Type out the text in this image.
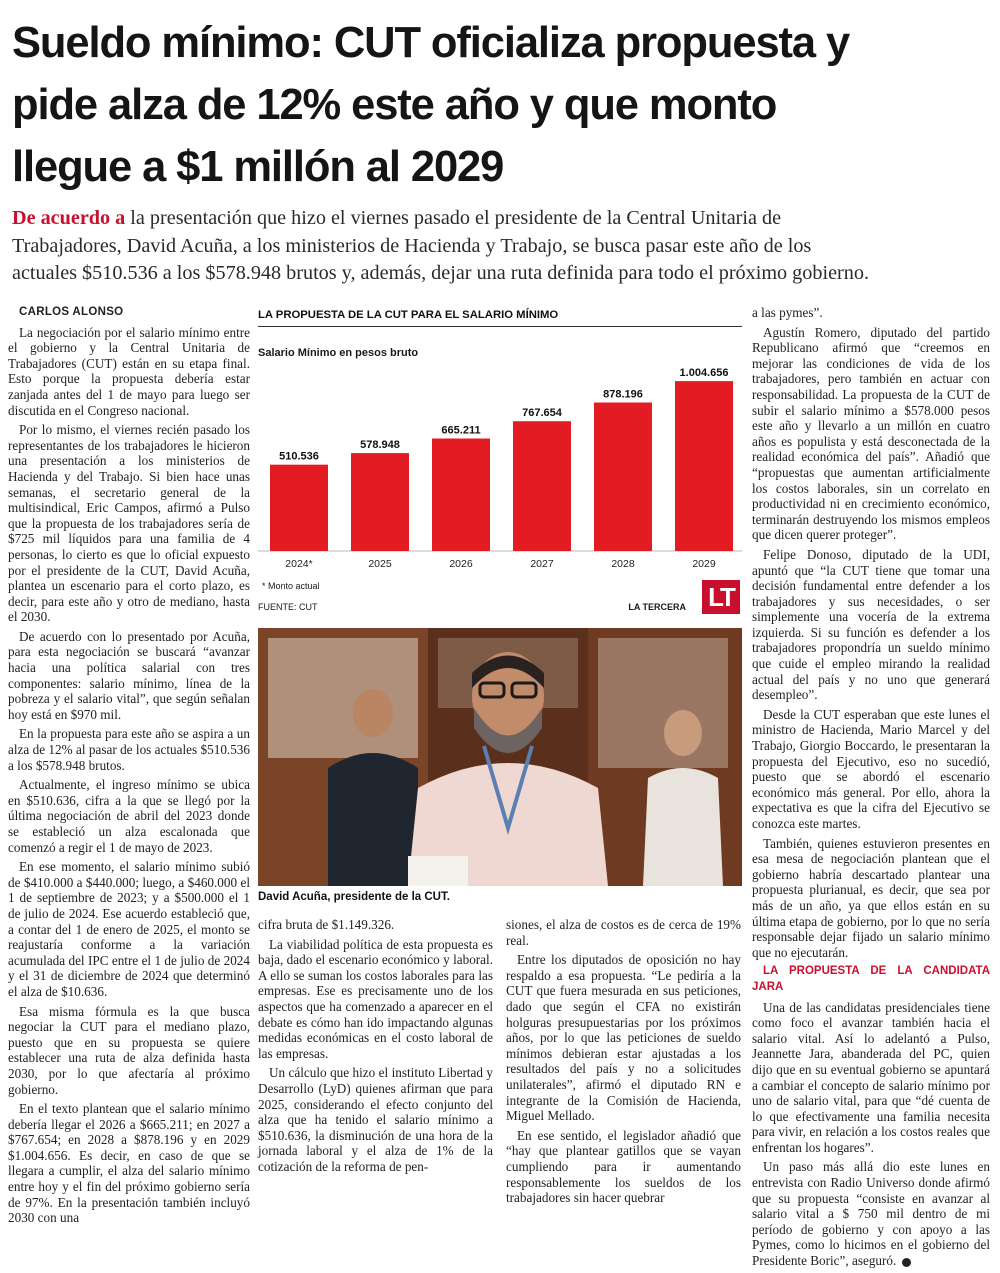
Sueldo mínimo: CUT oficializa propuesta y
pide alza de 12% este año y que monto
llegue a $1 millón al 2029
De acuerdo a la presentación que hizo el viernes pasado el presidente de la Central Unitaria de
Trabajadores, David Acuña, a los ministerios de Hacienda y Trabajo, se busca pasar este año de los
actuales $510.536 a los $578.948 brutos y, además, dejar una ruta definida para todo el próximo gobierno.

CARLOS ALONSO

La negociación por el salario mínimo entre el gobierno y la Central Unitaria de Trabajadores (CUT) están en su etapa final. Esto porque la propuesta debería estar zanjada antes del 1 de mayo para luego ser discutida en el Congreso nacional.

Por lo mismo, el viernes recién pasado los representantes de los trabajadores le hicieron una presentación a los ministerios de Hacienda y del Trabajo. Si bien hace unas semanas, el secretario general de la multisindical, Eric Campos, afirmó a Pulso que la propuesta de los trabajadores sería de $725 mil líquidos para una familia de 4 personas, lo cierto es que lo oficial expuesto por el presidente de la CUT, David Acuña, plantea un escenario para el corto plazo, es decir, para este año y otro de mediano, hasta el 2030.

De acuerdo con lo presentado por Acuña, para esta negociación se buscará “avanzar hacia una política salarial con tres componentes: salario mínimo, línea de la pobreza y el salario vital”, que según señalan hoy está en $970 mil.

En la propuesta para este año se aspira a un alza de 12% al pasar de los actuales $510.536 a los $578.948 brutos.

Actualmente, el ingreso mínimo se ubica en $510.636, cifra a la que se llegó por la última negociación de abril del 2023 donde se estableció un alza escalonada que comenzó a regir el 1 de mayo de 2023.

En ese momento, el salario mínimo subió de $410.000 a $440.000; luego, a $460.000 el 1 de septiembre de 2023; y a $500.000 el 1 de julio de 2024. Ese acuerdo estableció que, a contar del 1 de enero de 2025, el monto se reajustaría conforme a la variación acumulada del IPC entre el 1 de julio de 2024 y el 31 de diciembre de 2024 que determinó el alza de $10.636.

Esa misma fórmula es la que busca negociar la CUT para el mediano plazo, puesto que en su propuesta se quiere establecer una ruta de alza definida hasta 2030, por lo que afectaría al próximo gobierno.

En el texto plantean que el salario mínimo debería llegar el 2026 a $665.211; en 2027 a $767.654; en 2028 a $878.196 y en 2029 $1.004.656. Es decir, en caso de que se llegara a cumplir, el alza del salario mínimo entre hoy y el fin del próximo gobierno sería de 97%. En la presentación también incluyó 2030 con una

LA PROPUESTA DE LA CUT PARA EL SALARIO MÍNIMO
Salario Mínimo en pesos bruto
510.536
2024*
578.948
2025
665.211
2026
767.654
2027
878.196
2028
1.004.656
2029
* Monto actual
FUENTE: CUT	LA TERCERA LT
David Acuña, presidente de la CUT.

cifra bruta de $1.149.326.

La viabilidad política de esta propuesta es baja, dado el escenario económico y laboral. A ello se suman los costos laborales para las empresas. Ese es precisamente uno de los aspectos que ha comenzado a aparecer en el debate es cómo han ido impactando algunas medidas económicas en el costo laboral de las empresas.

Un cálculo que hizo el instituto Libertad y Desarrollo (LyD) quienes afirman que para 2025, considerando el efecto conjunto del alza que ha tenido el salario mínimo a $510.636, la disminución de una hora de la jornada laboral y el alza de 1% de la cotización de la reforma de pen-

siones, el alza de costos es de cerca de 19% real.

Entre los diputados de oposición no hay respaldo a esa propuesta. “Le pediría a la CUT que fuera mesurada en sus peticiones, dado que según el CFA no existirán holguras presupuestarias por los próximos años, por lo que las peticiones de sueldo mínimos debieran estar ajustadas a los resultados del país y no a solicitudes unilaterales”, afirmó el diputado RN e integrante de la Comisión de Hacienda, Miguel Mellado.

En ese sentido, el legislador añadió que “hay que plantear gatillos que se vayan cumpliendo para ir aumentando responsablemente los sueldos de los trabajadores sin hacer quebrar

a las pymes”.

Agustín Romero, diputado del partido Republicano afirmó que “creemos en mejorar las condiciones de vida de los trabajadores, pero también en actuar con responsabilidad. La propuesta de la CUT de subir el salario mínimo a $578.000 pesos este año y llevarlo a un millón en cuatro años es populista y está desconectada de la realidad económica del país”. Añadió que “propuestas que aumentan artificialmente los costos laborales, sin un correlato en productividad ni en crecimiento económico, terminarán destruyendo los mismos empleos que dicen querer proteger”.

Felipe Donoso, diputado de la UDI, apuntó que “la CUT tiene que tomar una decisión fundamental entre defender a los trabajadores y sus necesidades, o ser simplemente una vocería de la extrema izquierda. Si su función es defender a los trabajadores propondría un sueldo mínimo que cuide el empleo mirando la realidad actual del país y no uno que generará desempleo”.

Desde la CUT esperaban que este lunes el ministro de Hacienda, Mario Marcel y del Trabajo, Giorgio Boccardo, le presentaran la propuesta del Ejecutivo, eso no sucedió, puesto que se abordó el escenario económico más general. Por ello, ahora la expectativa es que la cifra del Ejecutivo se conozca este martes.

También, quienes estuvieron presentes en esa mesa de negociación plantean que el gobierno habría descartado plantear una propuesta plurianual, es decir, que sea por más de un año, ya que ellos están en su última etapa de gobierno, por lo que no sería responsable dejar fijado un salario mínimo que no ejecutarán.

LA PROPUESTA DE LA CANDIDATA JARA

Una de las candidatas presidenciales tiene como foco el avanzar también hacia el salario vital. Así lo adelantó a Pulso, Jeannette Jara, abanderada del PC, quien dijo que en su eventual gobierno se apuntará a cambiar el concepto de salario mínimo por uno de salario vital, para que “dé cuenta de lo que efectivamente una familia necesita para vivir, en relación a los costos reales que enfrentan los hogares”.

Un paso más allá dio este lunes en entrevista con Radio Universo donde afirmó que su propuesta “consiste en avanzar al salario vital a $ 750 mil dentro de mi período de gobierno y con apoyo a las Pymes, como lo hicimos en el gobierno del Presidente Boric”, aseguró.
